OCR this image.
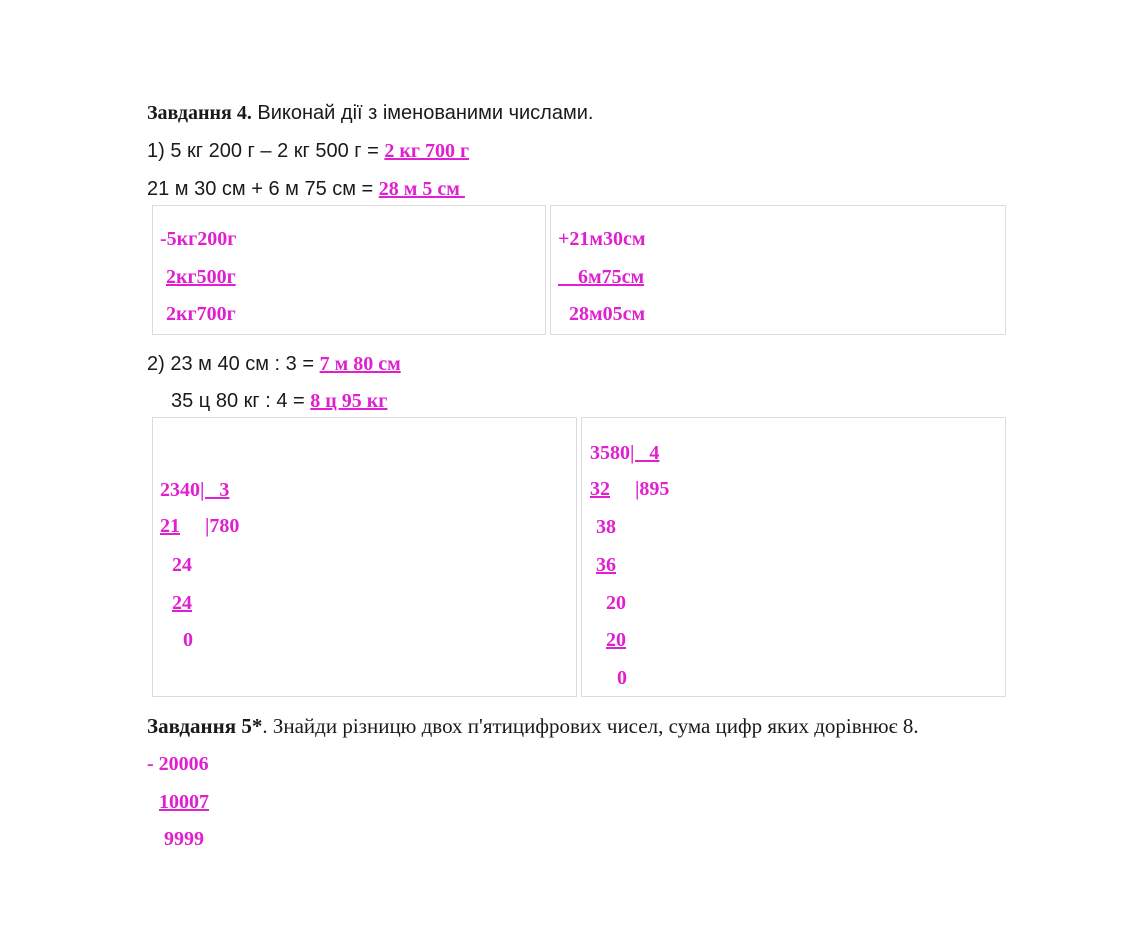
Завдання 4. Виконай дії з іменованими числами.
1) 5 кг 200 г – 2 кг 500 г = 2 кг 700 г
21 м 30 см + 6 м 75 см = 28 м 5 см
-5кг200г
2кг500г
2кг700г
+21м30см
6м75см
28м05см
2) 23 м 40 см : 3 = 7 м 80 см
35 ц 80 кг : 4 = 8 ц 95 кг
2340|   3
21 |780
24
24
0
3580|   4
32 |895
38
36
20
20
0
Завдання 5*. Знайди різницю двох п'ятицифрових чисел, сума цифр яких дорівнює 8.
- 20006
10007
9999
